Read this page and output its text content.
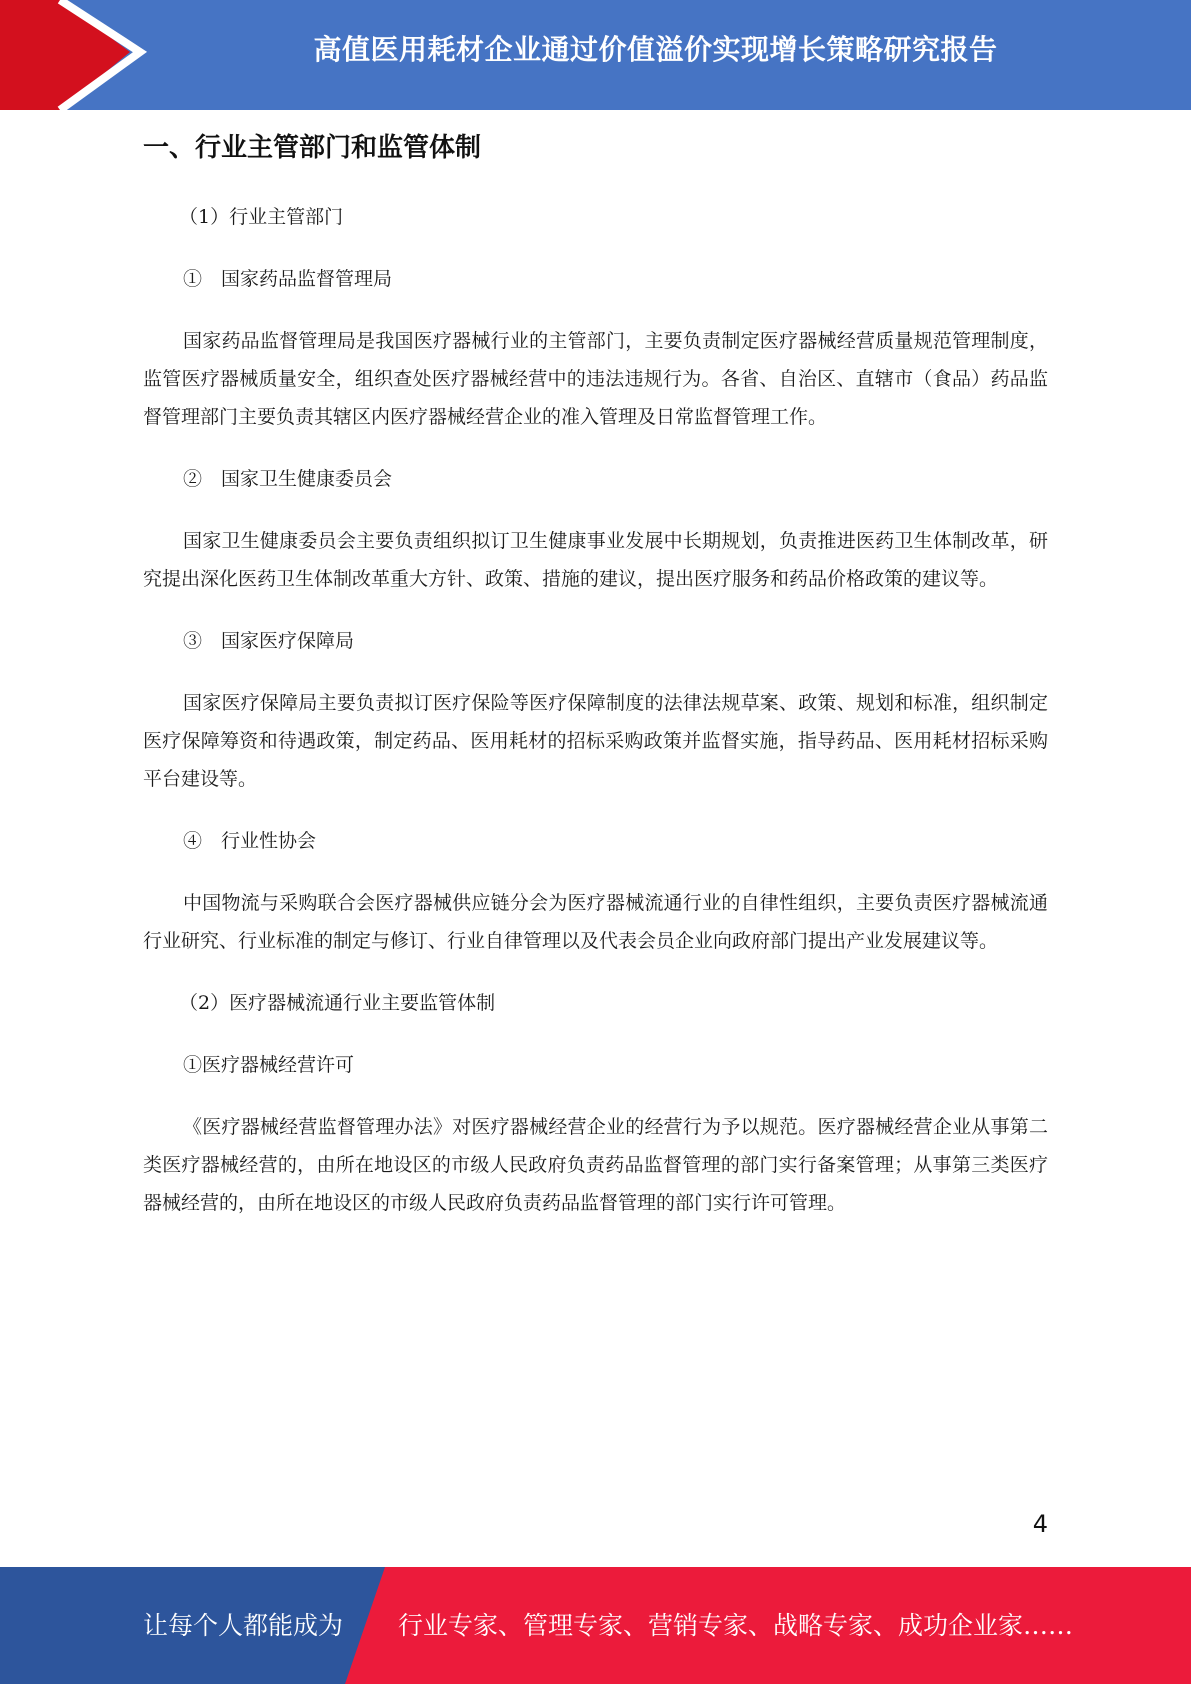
高值医用耗材企业通过价值溢价实现增长策略研究报告
一、行业主管部门和监管体制

（1）行业主管部门

①　国家药品监督管理局

国家药品监督管理局是我国医疗器械行业的主管部门，主要负责制定医疗器械经营质量规范管理制度，监管医疗器械质量安全，组织查处医疗器械经营中的违法违规行为。各省、自治区、直辖市（食品）药品监督管理部门主要负责其辖区内医疗器械经营企业的准入管理及日常监督管理工作。

②　国家卫生健康委员会

国家卫生健康委员会主要负责组织拟订卫生健康事业发展中长期规划，负责推进医药卫生体制改革，研究提出深化医药卫生体制改革重大方针、政策、措施的建议，提出医疗服务和药品价格政策的建议等。

③　国家医疗保障局

国家医疗保障局主要负责拟订医疗保险等医疗保障制度的法律法规草案、政策、规划和标准，组织制定医疗保障筹资和待遇政策，制定药品、医用耗材的招标采购政策并监督实施，指导药品、医用耗材招标采购平台建设等。

④　行业性协会

中国物流与采购联合会医疗器械供应链分会为医疗器械流通行业的自律性组织，主要负责医疗器械流通行业研究、行业标准的制定与修订、行业自律管理以及代表会员企业向政府部门提出产业发展建议等。

（2）医疗器械流通行业主要监管体制

①医疗器械经营许可

《医疗器械经营监督管理办法》对医疗器械经营企业的经营行为予以规范。医疗器械经营企业从事第二类医疗器械经营的，由所在地设区的市级人民政府负责药品监督管理的部门实行备案管理；从事第三类医疗器械经营的，由所在地设区的市级人民政府负责药品监督管理的部门实行许可管理。

4
让每个人都能成为 行业专家、管理专家、营销专家、战略专家、成功企业家……
